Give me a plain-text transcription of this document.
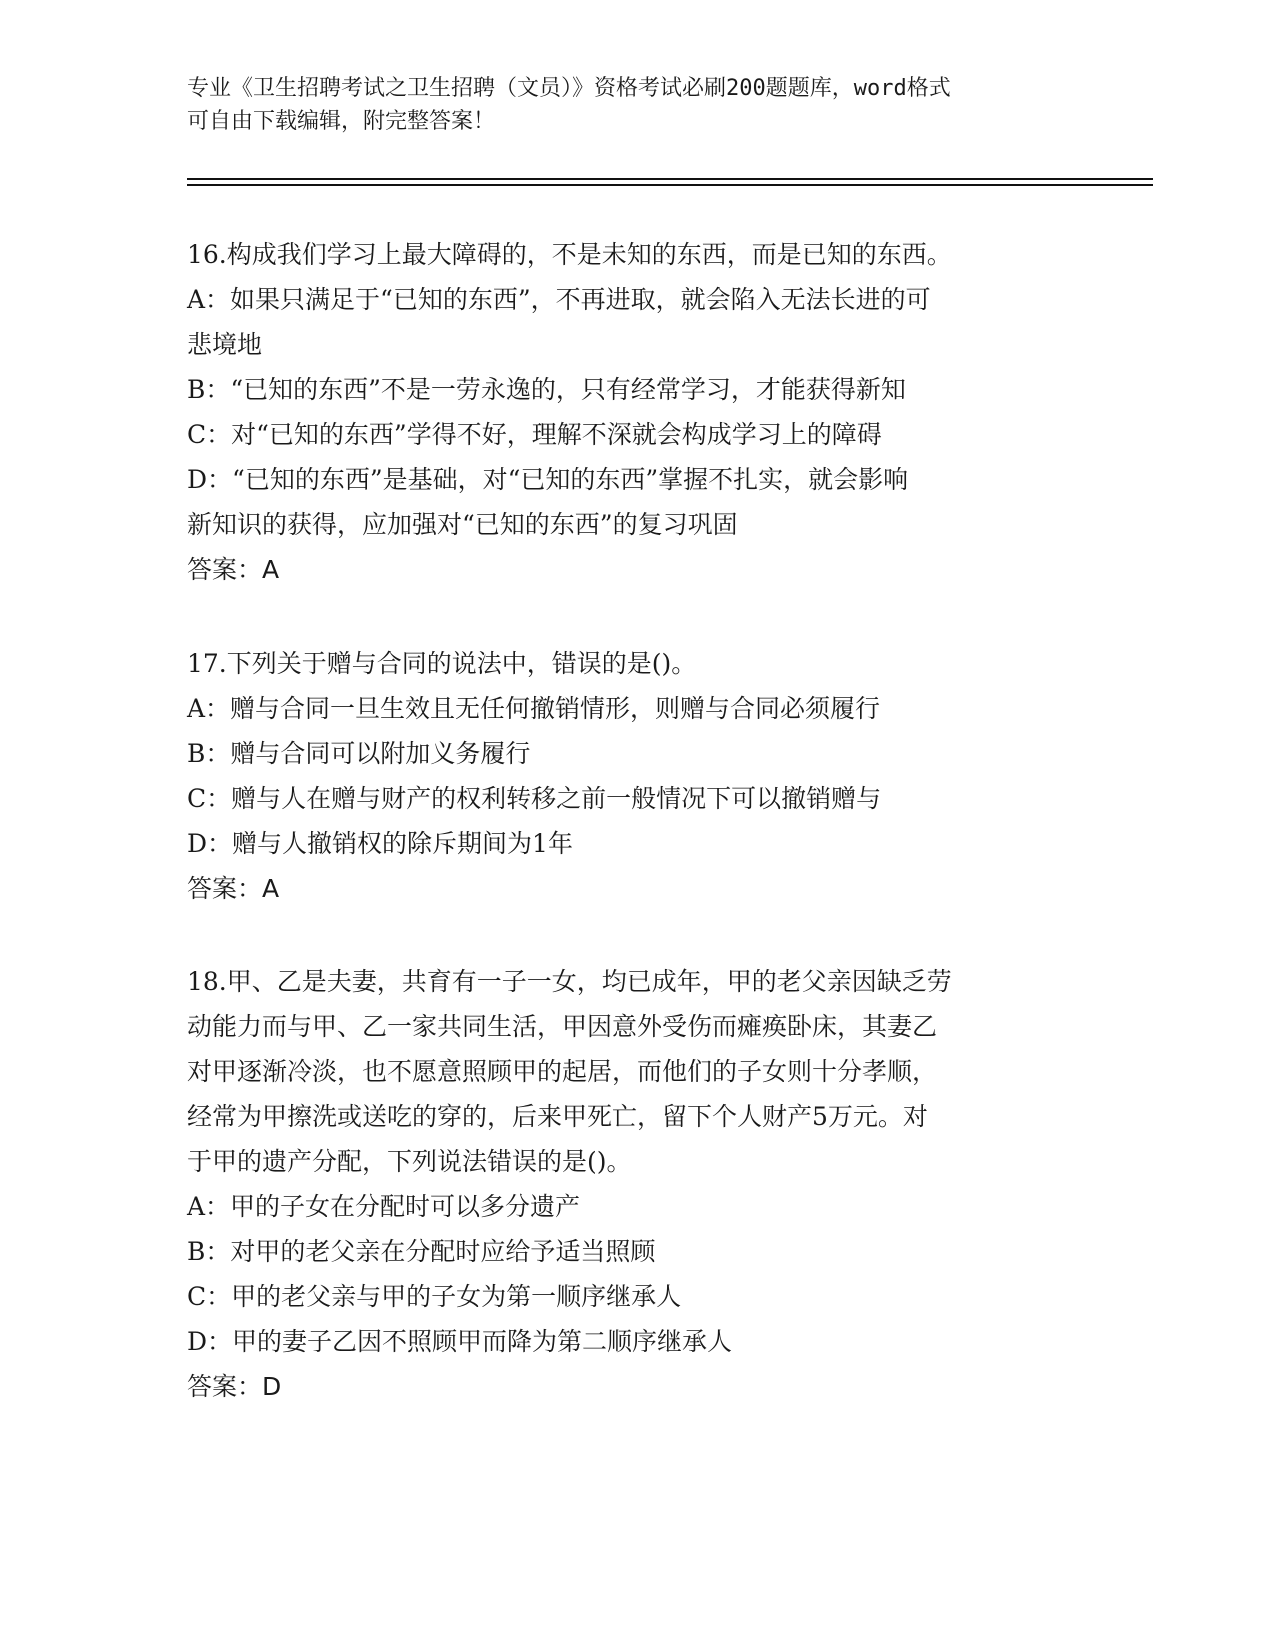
专业《卫生招聘考试之卫生招聘（文员）》资格考试必刷200题题库，word格式
可自由下载编辑，附完整答案！
16.构成我们学习上最大障碍的，不是未知的东西，而是已知的东西。
A：如果只满足于“已知的东西”，不再进取，就会陷入无法长进的可
悲境地
B：“已知的东西”不是一劳永逸的，只有经常学习，才能获得新知
C：对“已知的东西”学得不好，理解不深就会构成学习上的障碍
D：“已知的东西”是基础，对“已知的东西”掌握不扎实，就会影响
新知识的获得，应加强对“已知的东西”的复习巩固
答案：A
17.下列关于赠与合同的说法中，错误的是()。
A：赠与合同一旦生效且无任何撤销情形，则赠与合同必须履行
B：赠与合同可以附加义务履行
C：赠与人在赠与财产的权利转移之前一般情况下可以撤销赠与
D：赠与人撤销权的除斥期间为1年
答案：A
18.甲、乙是夫妻，共育有一子一女，均已成年，甲的老父亲因缺乏劳
动能力而与甲、乙一家共同生活，甲因意外受伤而瘫痪卧床，其妻乙
对甲逐渐冷淡，也不愿意照顾甲的起居，而他们的子女则十分孝顺，
经常为甲擦洗或送吃的穿的，后来甲死亡，留下个人财产5万元。对
于甲的遗产分配，下列说法错误的是()。
A：甲的子女在分配时可以多分遗产
B：对甲的老父亲在分配时应给予适当照顾
C：甲的老父亲与甲的子女为第一顺序继承人
D：甲的妻子乙因不照顾甲而降为第二顺序继承人
答案：D
